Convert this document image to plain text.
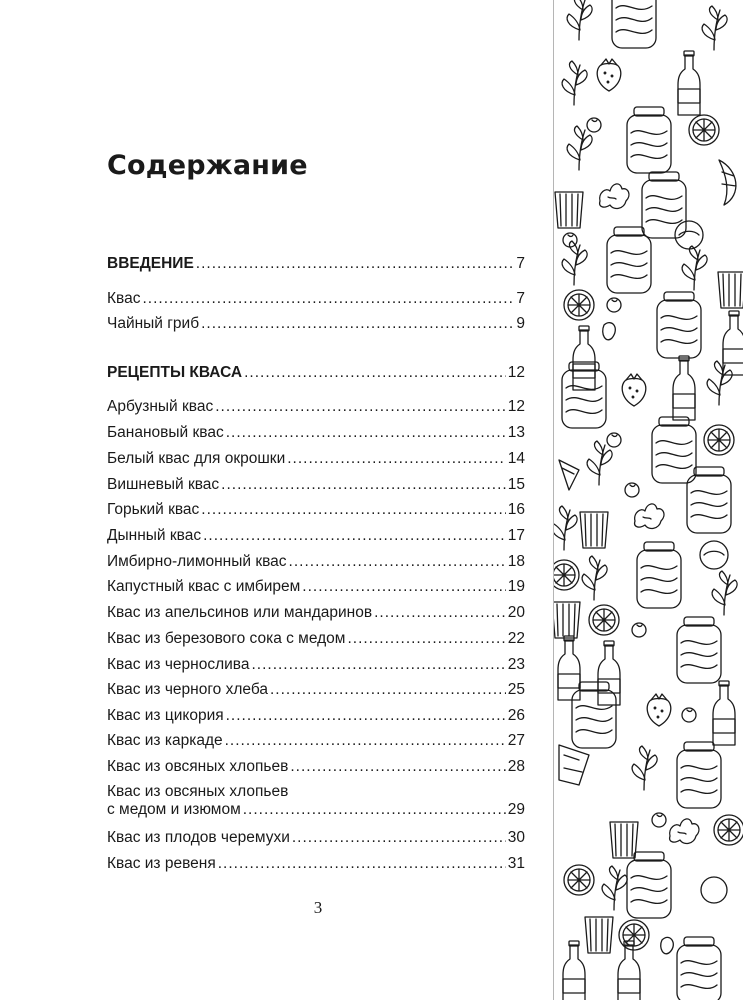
Содержание
ВВЕДЕНИЕ .....	7
Квас .....	7
Чайный гриб .....	9
РЕЦЕПТЫ КВАСА .....	12
Арбузный квас .....	12
Банановый квас .....	13
Белый квас для окрошки .....	14
Вишневый квас .....	15
Горький квас .....	16
Дынный квас .....	17
Имбирно-лимонный квас .....	18
Капустный квас с имбирем .....	19
Квас из апельсинов или мандаринов .....	20
Квас из березового сока с медом .....	22
Квас из чернослива .....	23
Квас из черного хлеба .....	25
Квас из цикория .....	26
Квас из каркаде .....	27
Квас из овсяных хлопьев .....	28
Квас из овсяных хлопьев
с медом и изюмом .....	29
Квас из плодов черемухи .....	30
Квас из ревеня .....	31
3
